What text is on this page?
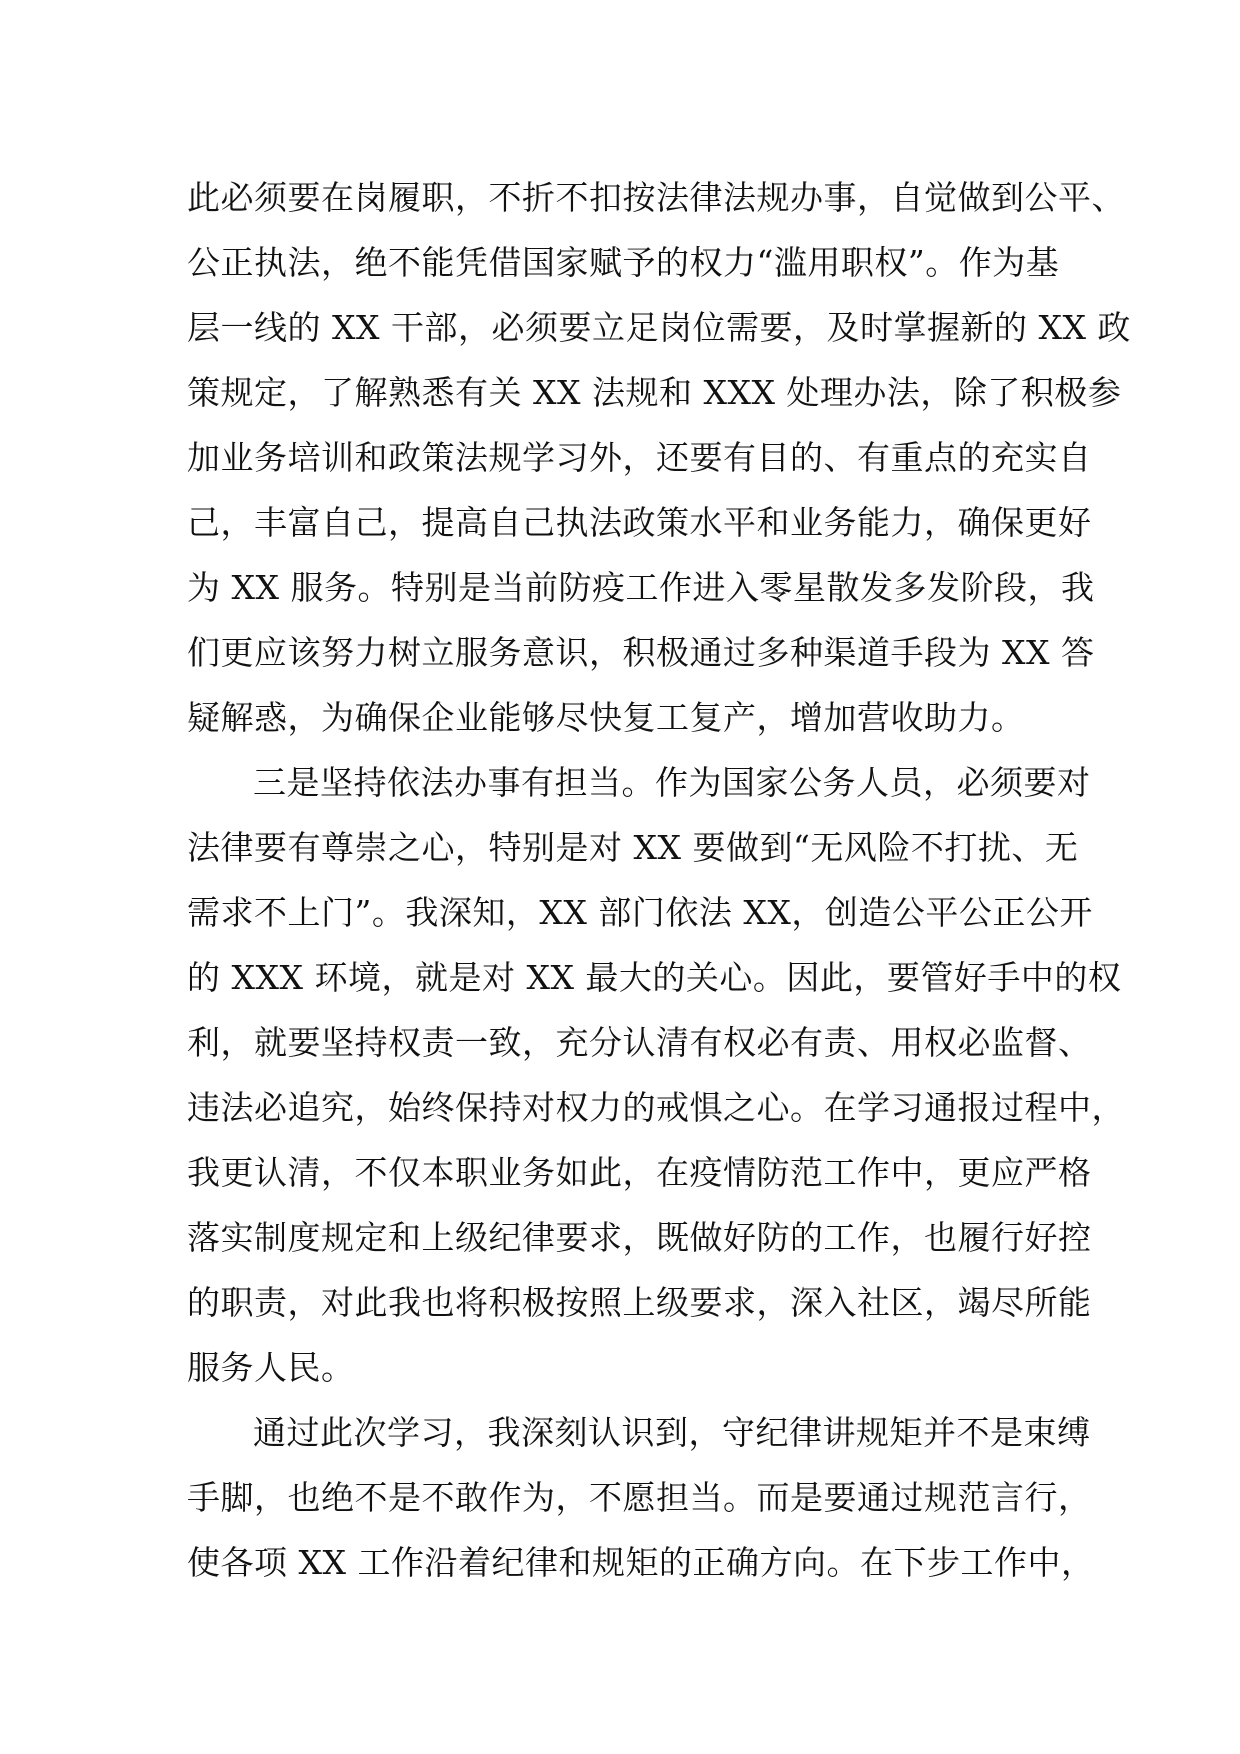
此必须要在岗履职，不折不扣按法律法规办事，自觉做到公平、
公正执法，绝不能凭借国家赋予的权力“滥用职权”。作为基
层一线的 XX 干部，必须要立足岗位需要，及时掌握新的 XX 政
策规定，了解熟悉有关 XX 法规和 XXX 处理办法，除了积极参
加业务培训和政策法规学习外，还要有目的、有重点的充实自
己，丰富自己，提高自己执法政策水平和业务能力，确保更好
为 XX 服务。特别是当前防疫工作进入零星散发多发阶段，我
们更应该努力树立服务意识，积极通过多种渠道手段为 XX 答
疑解惑，为确保企业能够尽快复工复产，增加营收助力。
三是坚持依法办事有担当。作为国家公务人员，必须要对
法律要有尊崇之心，特别是对 XX 要做到“无风险不打扰、无
需求不上门”。我深知，XX 部门依法 XX，创造公平公正公开
的 XXX 环境，就是对 XX 最大的关心。因此，要管好手中的权
利，就要坚持权责一致，充分认清有权必有责、用权必监督、
违法必追究，始终保持对权力的戒惧之心。在学习通报过程中，
我更认清，不仅本职业务如此，在疫情防范工作中，更应严格
落实制度规定和上级纪律要求，既做好防的工作，也履行好控
的职责，对此我也将积极按照上级要求，深入社区，竭尽所能
服务人民。
通过此次学习，我深刻认识到，守纪律讲规矩并不是束缚
手脚，也绝不是不敢作为，不愿担当。而是要通过规范言行，
使各项 XX 工作沿着纪律和规矩的正确方向。在下步工作中，
